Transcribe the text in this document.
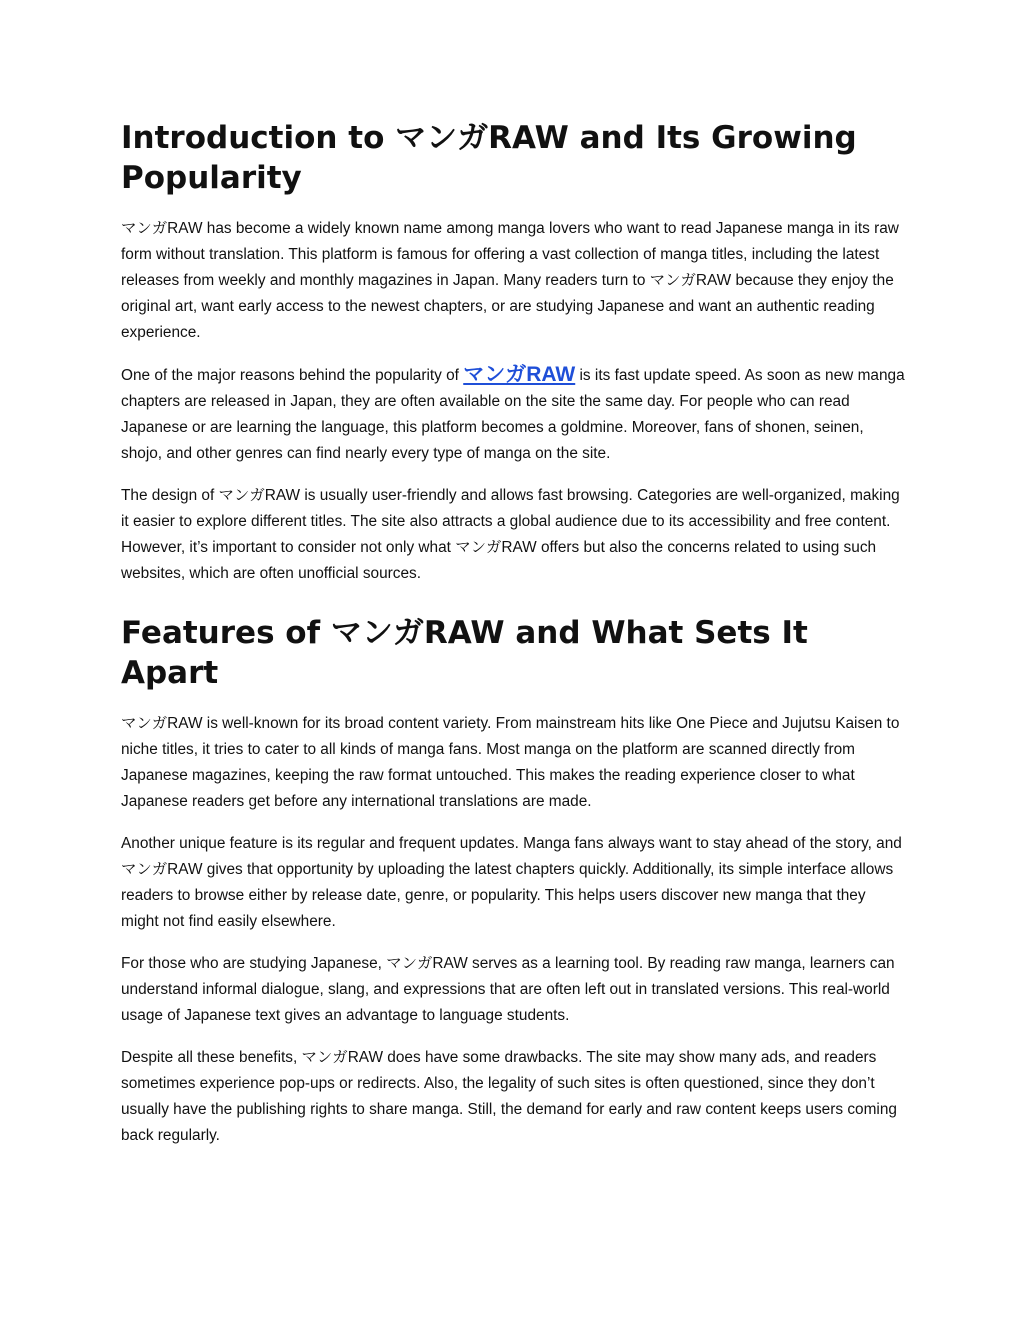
Introduction to マンガRAW and Its Growing Popularity

マンガRAW has become a widely known name among manga lovers who want to read Japanese manga in its raw form without translation. This platform is famous for offering a vast collection of manga titles, including the latest releases from weekly and monthly magazines in Japan. Many readers turn to マンガRAW because they enjoy the original art, want early access to the newest chapters, or are studying Japanese and want an authentic reading experience.

One of the major reasons behind the popularity of マンガRAW is its fast update speed. As soon as new manga chapters are released in Japan, they are often available on the site the same day. For people who can read Japanese or are learning the language, this platform becomes a goldmine. Moreover, fans of shonen, seinen, shojo, and other genres can find nearly every type of manga on the site.

The design of マンガRAW is usually user-friendly and allows fast browsing. Categories are well-organized, making it easier to explore different titles. The site also attracts a global audience due to its accessibility and free content. However, it’s important to consider not only what マンガRAW offers but also the concerns related to using such websites, which are often unofficial sources.

Features of マンガRAW and What Sets It Apart

マンガRAW is well-known for its broad content variety. From mainstream hits like One Piece and Jujutsu Kaisen to niche titles, it tries to cater to all kinds of manga fans. Most manga on the platform are scanned directly from Japanese magazines, keeping the raw format untouched. This makes the reading experience closer to what Japanese readers get before any international translations are made.

Another unique feature is its regular and frequent updates. Manga fans always want to stay ahead of the story, and マンガRAW gives that opportunity by uploading the latest chapters quickly. Additionally, its simple interface allows readers to browse either by release date, genre, or popularity. This helps users discover new manga that they might not find easily elsewhere.

For those who are studying Japanese, マンガRAW serves as a learning tool. By reading raw manga, learners can understand informal dialogue, slang, and expressions that are often left out in translated versions. This real-world usage of Japanese text gives an advantage to language students.

Despite all these benefits, マンガRAW does have some drawbacks. The site may show many ads, and readers sometimes experience pop-ups or redirects. Also, the legality of such sites is often questioned, since they don’t usually have the publishing rights to share manga. Still, the demand for early and raw content keeps users coming back regularly.
